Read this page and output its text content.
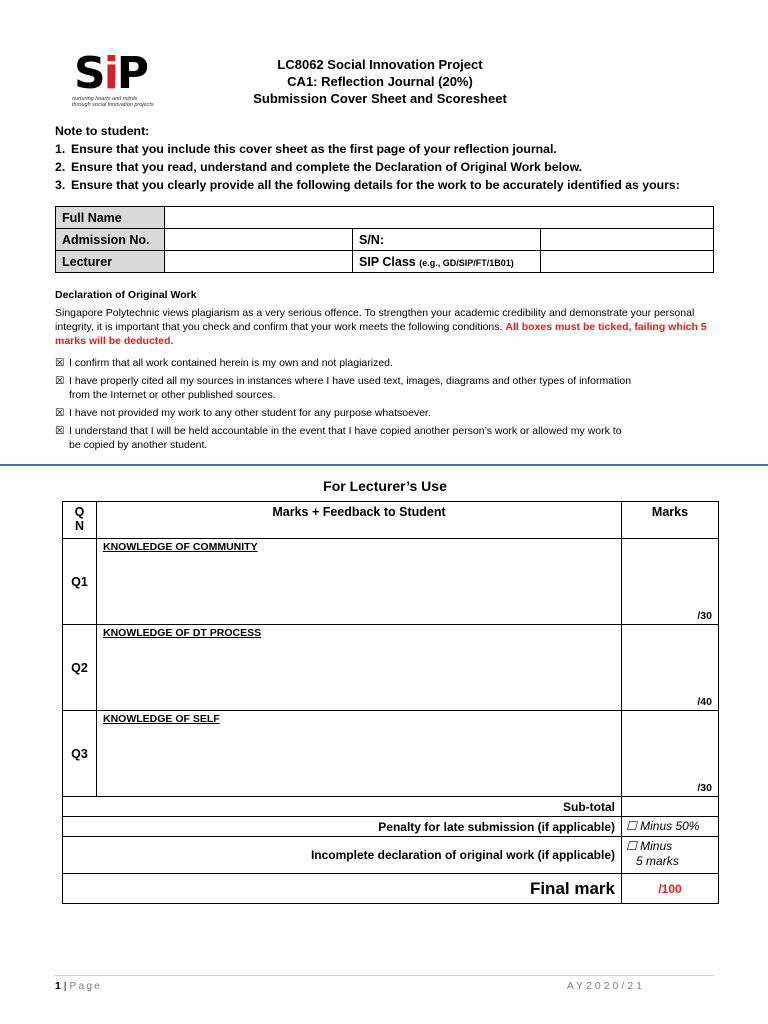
SiP
nurturing hearts and minds
through social innovation projects
LC8062 Social Innovation Project
CA1: Reflection Journal (20%)
Submission Cover Sheet and Scoresheet
Note to student:
1. Ensure that you include this cover sheet as the first page of your reflection journal.
2. Ensure that you read, understand and complete the Declaration of Original Work below.
3. Ensure that you clearly provide all the following details for the work to be accurately identified as yours:
Full Name			
Admission No.		S/N:	
Lecturer		SIP Class (e.g., GD/SIP/FT/1B01)	
Declaration of Original Work
Singapore Polytechnic views plagiarism as a very serious offence. To strengthen your academic credibility and demonstrate your personal integrity, it is important that you check and confirm that your work meets the following conditions. All boxes must be ticked, failing which 5 marks will be deducted.
☒ I confirm that all work contained herein is my own and not plagiarized.
☒ I have properly cited all my sources in instances where I have used text, images, diagrams and other types of information
from the Internet or other published sources.
☒ I have not provided my work to any other student for any purpose whatsoever.
☒ I understand that I will be held accountable in the event that I have copied another person’s work or allowed my work to
be copied by another student.
For Lecturer’s Use
Q N	Marks + Feedback to Student	Marks
Q1	KNOWLEDGE OF COMMUNITY	/30

Q2	KNOWLEDGE OF DT PROCESS	/40

Q3	KNOWLEDGE OF SELF	/30

Sub-total		
Penalty for late submission (if applicable)		☐ Minus 50%
Incomplete declaration of original work (if applicable)		☐ Minus
5 marks
Final mark		/100
1 | Page	AY2020/21
